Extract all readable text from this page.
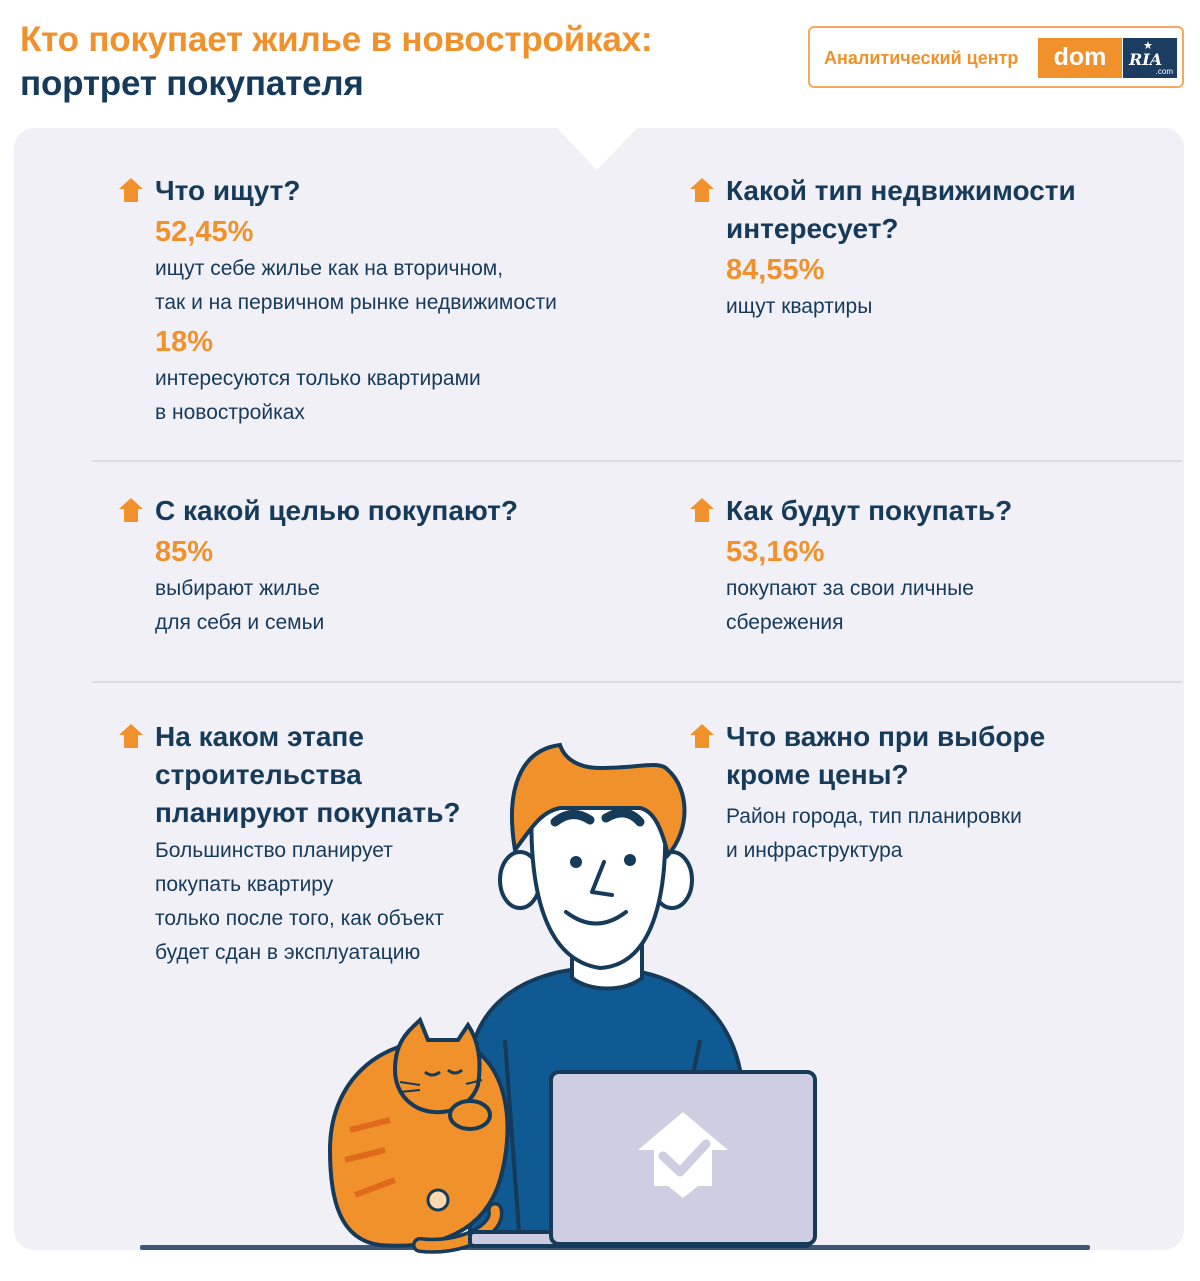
Кто покупает жилье в новостройках:
портрет покупателя
Аналитический центр	dom	★
RIA
.com
Что ищут?
52,45%

ищут себе жилье как на вторичном,

так и на первичном рынке недвижимости

18%

интересуются только квартирами

в новостройках

Какой тип недвижимости
интересует?
84,55%

ищут квартиры

С какой целью покупают?
85%

выбирают жилье

для себя и семьи

Как будут покупать?
53,16%

покупают за свои личные

сбережения

На каком этапе
строительства
планируют покупать?

Большинство планирует

покупать квартиру

только после того, как объект

будет сдан в эксплуатацию

Что важно при выборе
кроме цены?

Район города, тип планировки

и инфраструктура
